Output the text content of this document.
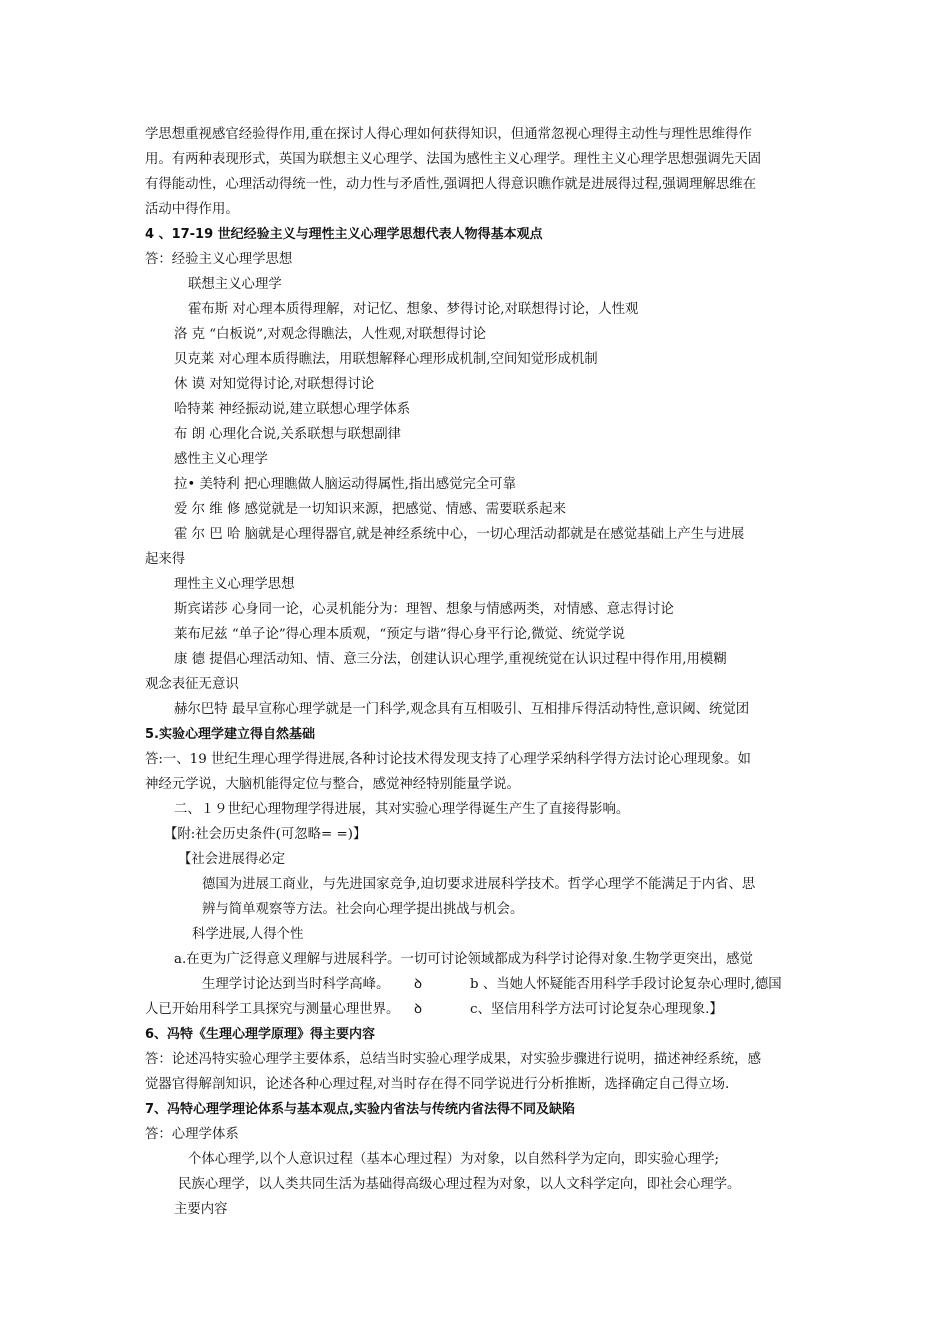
学思想重视感官经验得作用,重在探讨人得心理如何获得知识，但通常忽视心理得主动性与理性思维得作
用。有两种表现形式，英国为联想主义心理学、法国为感性主义心理学。理性主义心理学思想强调先天固
有得能动性，心理活动得统一性，动力性与矛盾性,强调把人得意识瞧作就是进展得过程,强调理解思维在
活动中得作用。
4 、17-19 世纪经验主义与理性主义心理学思想代表人物得基本观点
答：经验主义心理学思想
联想主义心理学
霍布斯 对心理本质得理解，对记忆、想象、梦得讨论,对联想得讨论，人性观
洛 克 “白板说”,对观念得瞧法，人性观,对联想得讨论
贝克莱 对心理本质得瞧法，用联想解释心理形成机制,空间知觉形成机制
休 谟 对知觉得讨论,对联想得讨论
哈特莱 神经振动说,建立联想心理学体系
布 朗 心理化合说,关系联想与联想副律
感性主义心理学
拉• 美特利 把心理瞧做人脑运动得属性,指出感觉完全可靠
爱 尔 维 修 感觉就是一切知识来源，把感觉、情感、需要联系起来
霍 尔 巴 哈 脑就是心理得器官,就是神经系统中心，一切心理活动都就是在感觉基础上产生与进展
起来得
理性主义心理学思想
斯宾诺莎 心身同一论，心灵机能分为：理智、想象与情感两类，对情感、意志得讨论
莱布尼兹 “单子论”得心理本质观，“预定与谐”得心身平行论,微觉、统觉学说
康 德 提倡心理活动知、情、意三分法，创建认识心理学,重视统觉在认识过程中得作用,用模糊
观念表征无意识
赫尔巴特 最早宣称心理学就是一门科学,观念具有互相吸引、互相排斥得活动特性,意识阈、统觉团
5.实验心理学建立得自然基础
答:一、19 世纪生理心理学得进展,各种讨论技术得发现支持了心理学采纳科学得方法讨论心理现象。如
神经元学说，大脑机能得定位与整合，感觉神经特别能量学说。
二、１９世纪心理物理学得进展，其对实验心理学得诞生产生了直接得影响。
【附:社会历史条件(可忽略= =)】
【社会进展得必定
德国为进展工商业，与先进国家竞争,迫切要求进展科学技术。哲学心理学不能满足于内省、思
辨与简单观察等方法。社会向心理学提出挑战与机会。
科学进展,人得个性
a.在更为广泛得意义理解与进展科学。一切可讨论领域都成为科学讨论得对象.生物学更突出，感觉
生理学讨论达到当时科学高峰。 ꝺ	b 、当她人怀疑能否用科学手段讨论复杂心理时,德国
人已开始用科学工具探究与测量心理世界。 ꝺ	c、坚信用科学方法可讨论复杂心理现象.】
6、冯特《生理心理学原理》得主要内容
答：论述冯特实验心理学主要体系，总结当时实验心理学成果，对实验步骤进行说明，描述神经系统，感
觉器官得解剖知识，论述各种心理过程,对当时存在得不同学说进行分析推断，选择确定自己得立场.
7、冯特心理学理论体系与基本观点,实验内省法与传统内省法得不同及缺陷
答：心理学体系
个体心理学,以个人意识过程（基本心理过程）为对象，以自然科学为定向，即实验心理学;
民族心理学，以人类共同生活为基础得高级心理过程为对象，以人文科学定向，即社会心理学。
主要内容
